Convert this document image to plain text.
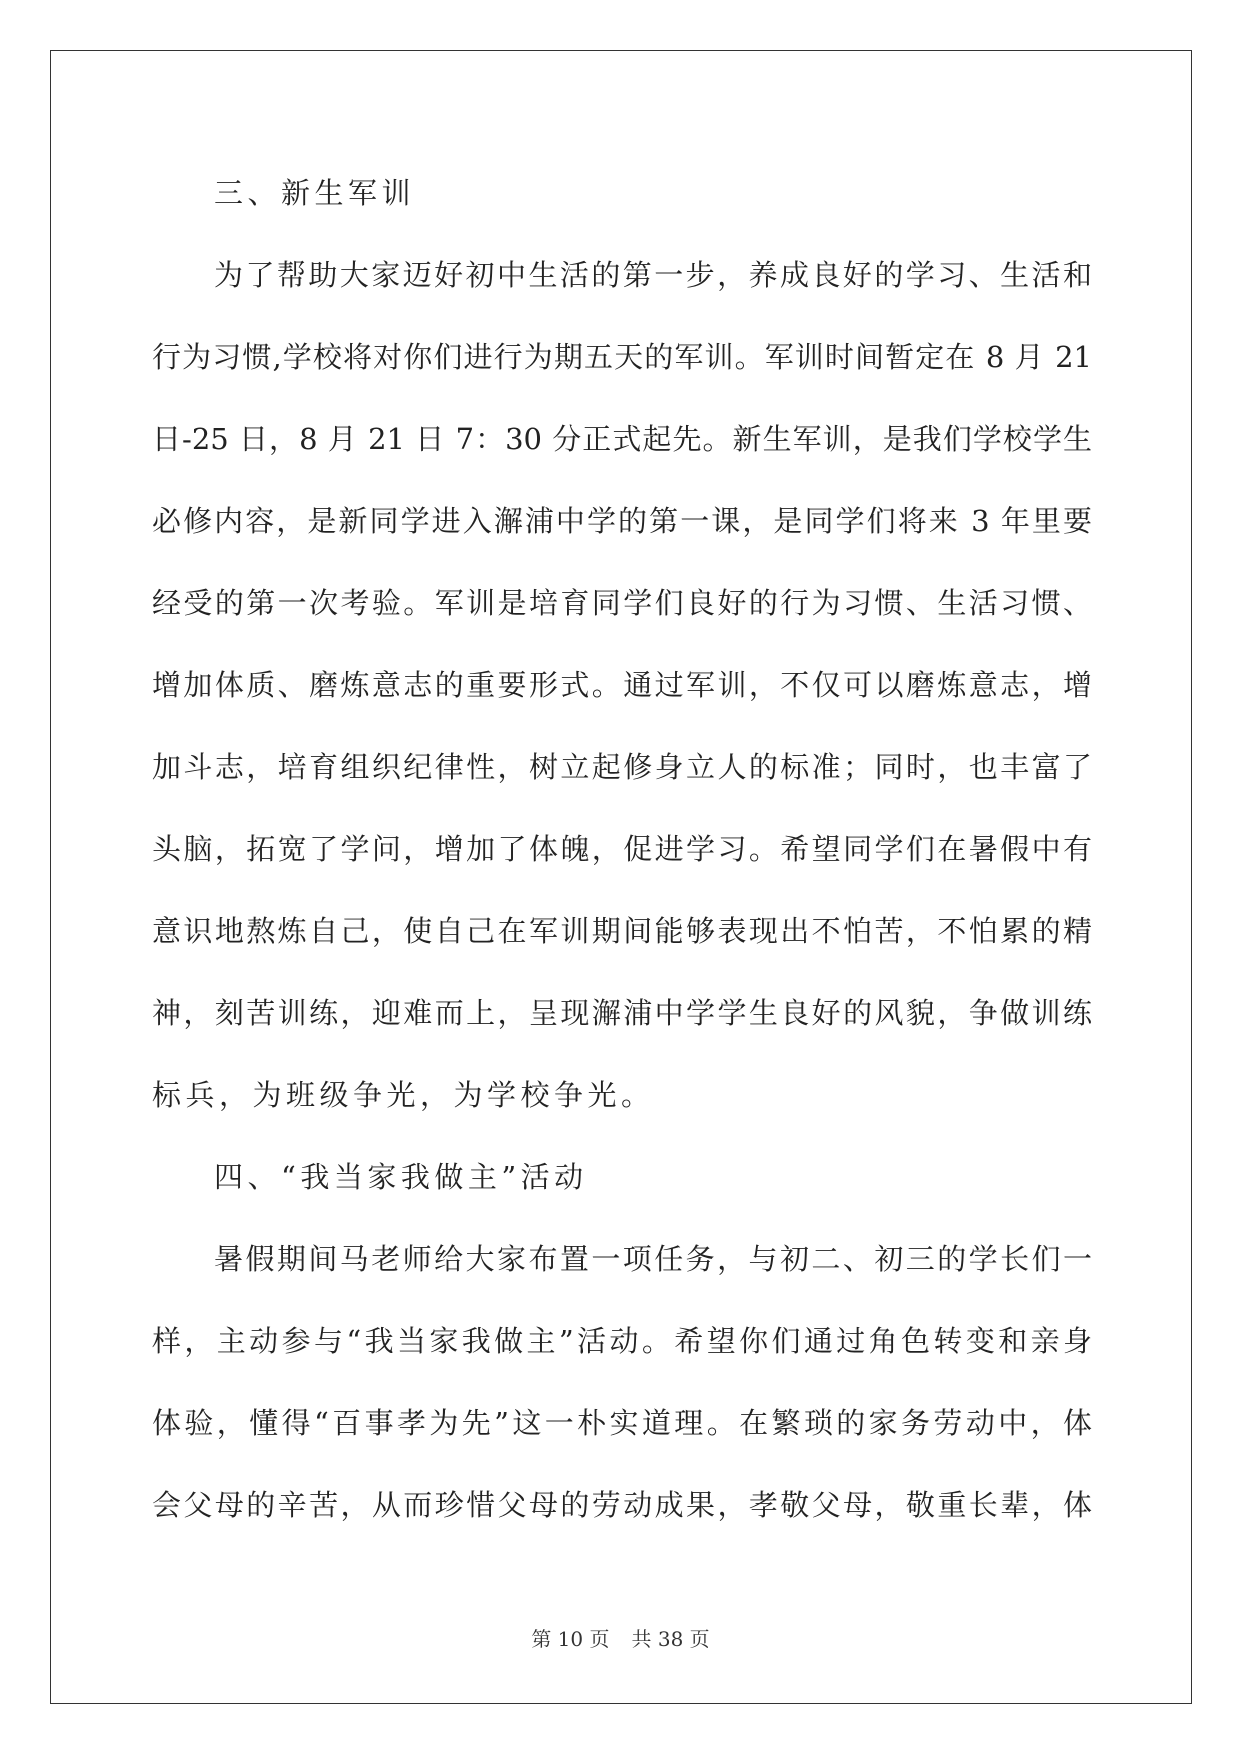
三、新生军训
为了帮助大家迈好初中生活的第一步，养成良好的学习、生活和
行为习惯,学校将对你们进行为期五天的军训。军训时间暂定在 8 月 21
日-25 日，8 月 21 日 7：30 分正式起先。新生军训，是我们学校学生
必修内容，是新同学进入澥浦中学的第一课，是同学们将来 3 年里要
经受的第一次考验。军训是培育同学们良好的行为习惯、生活习惯、
增加体质、磨炼意志的重要形式。通过军训，不仅可以磨炼意志，增
加斗志，培育组织纪律性，树立起修身立人的标准；同时，也丰富了
头脑，拓宽了学问，增加了体魄，促进学习。希望同学们在暑假中有
意识地熬炼自己，使自己在军训期间能够表现出不怕苦，不怕累的精
神，刻苦训练，迎难而上，呈现澥浦中学学生良好的风貌，争做训练
标兵，为班级争光，为学校争光。
四、“我当家我做主”活动
暑假期间马老师给大家布置一项任务，与初二、初三的学长们一
样，主动参与“我当家我做主”活动。希望你们通过角色转变和亲身
体验，懂得“百事孝为先”这一朴实道理。在繁琐的家务劳动中，体
会父母的辛苦，从而珍惜父母的劳动成果，孝敬父母，敬重长辈，体
第 10 页 共 38 页
